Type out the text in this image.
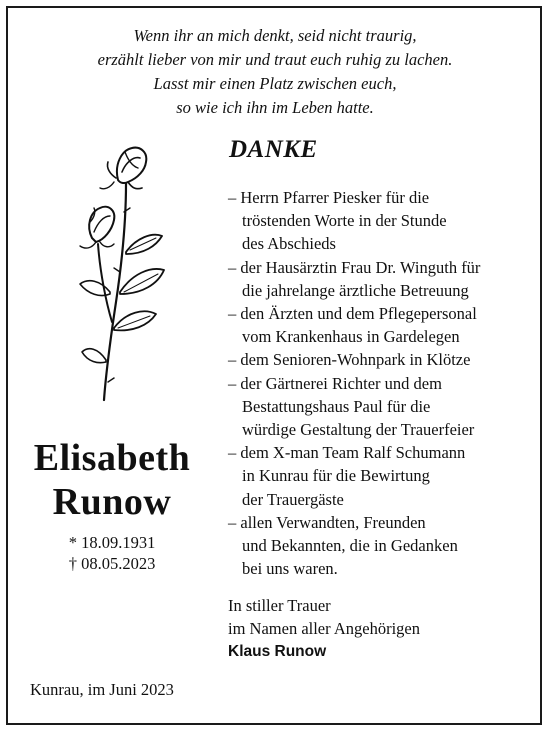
Wenn ihr an mich denkt, seid nicht traurig,
erzählt lieber von mir und traut euch ruhig zu lachen.
Lasst mir einen Platz zwischen euch,
so wie ich ihn im Leben hatte.
Elisabeth
Runow
* 18.09.1931
† 08.05.2023
DANKE
– Herrn Pfarrer Piesker für die
tröstenden Worte in der Stunde
des Abschieds
– der Hausärztin Frau Dr. Winguth für
die jahrelange ärztliche Betreuung
– den Ärzten und dem Pflegepersonal
vom Krankenhaus in Gardelegen
– dem Senioren-Wohnpark in Klötze
– der Gärtnerei Richter und dem
Bestattungshaus Paul für die
würdige Gestaltung der Trauerfeier
– dem X-man Team Ralf Schumann
in Kunrau für die Bewirtung
der Trauergäste
– allen Verwandten, Freunden
und Bekannten, die in Gedanken
bei uns waren.
In stiller Trauer
im Namen aller Angehörigen
Klaus Runow
Kunrau, im Juni 2023
